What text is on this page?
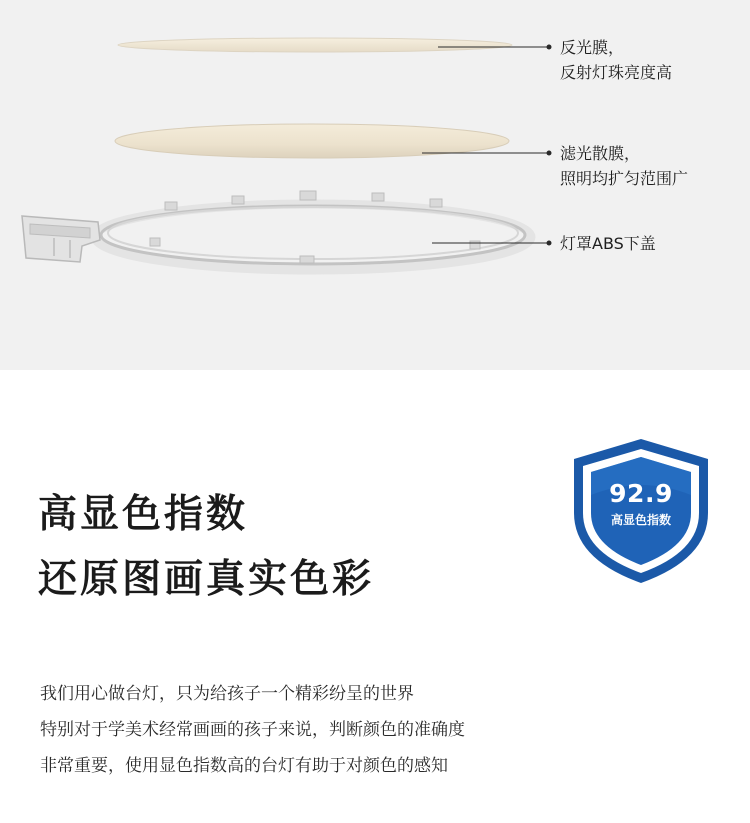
反光膜，
反射灯珠亮度高
滤光散膜，
照明均扩匀范围广
灯罩ABS下盖
高显色指数
还原图画真实色彩
92.9
高显色指数
我们用心做台灯，只为给孩子一个精彩纷呈的世界
特别对于学美术经常画画的孩子来说，判断颜色的准确度
非常重要，使用显色指数高的台灯有助于对颜色的感知
